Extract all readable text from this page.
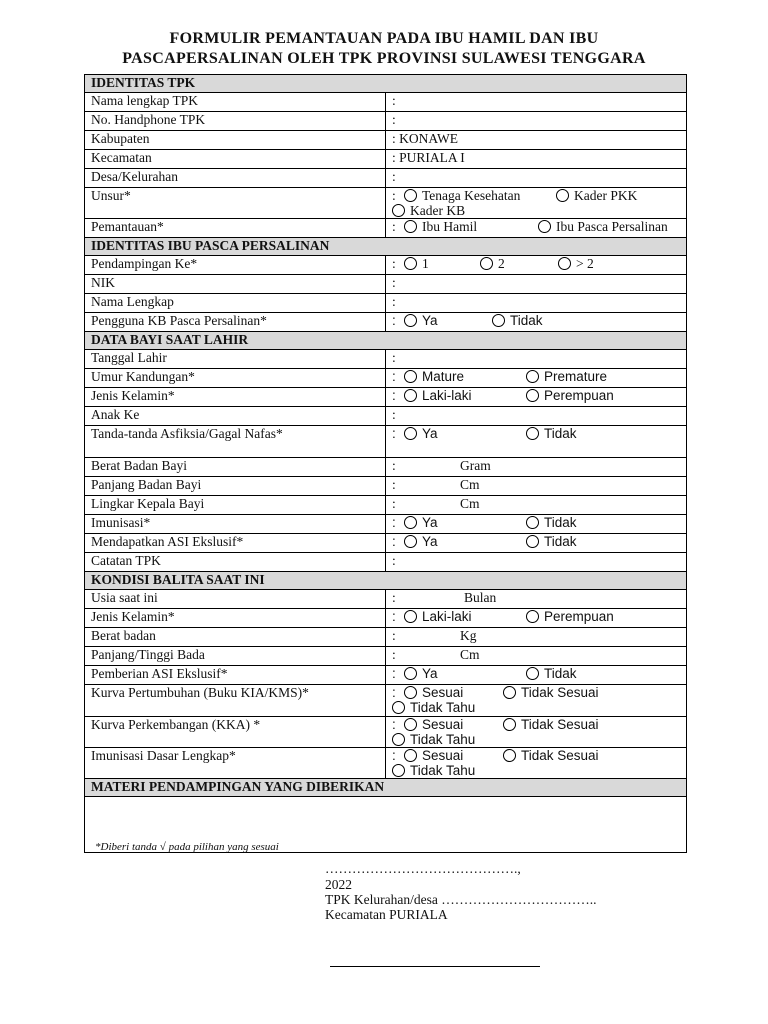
FORMULIR PEMANTAUAN PADA IBU HAMIL DAN IBU
PASCAPERSALINAN OLEH TPK PROVINSI SULAWESI TENGGARA
IDENTITAS TPK	
Nama lengkap TPK	:
No. Handphone TPK	:
Kabupaten	: KONAWE
Kecamatan	: PURIALA I
Desa/Kelurahan	:
Unsur*	: Tenaga Kesehatan Kader PKKKader KB
Pemantauan*	: Ibu Hamil Ibu Pasca Persalinan
IDENTITAS IBU PASCA PERSALINAN	
Pendampingan Ke*	: 1 2 > 2
NIK	:
Nama Lengkap	:
Pengguna KB Pasca Persalinan*	: Ya Tidak
DATA BAYI SAAT LAHIR	
Tanggal Lahir	:
Umur Kandungan*	: Mature Premature
Jenis Kelamin*	: Laki-laki Perempuan
Anak Ke	:
Tanda-tanda Asfiksia/Gagal Nafas*	: Ya Tidak
Berat Badan Bayi	: Gram
Panjang Badan Bayi	: Cm
Lingkar Kepala Bayi	: Cm
Imunisasi*	: Ya Tidak
Mendapatkan ASI Ekslusif*	: Ya Tidak
Catatan TPK	:
KONDISI BALITA SAAT INI	
Usia saat ini	: Bulan
Jenis Kelamin*	: Laki-laki Perempuan
Berat badan	: Kg
Panjang/Tinggi Bada	: Cm
Pemberian ASI Ekslusif*	: Ya Tidak
Kurva Pertumbuhan (Buku KIA/KMS)*	: Sesuai Tidak SesuaiTidak Tahu
Kurva Perkembangan (KKA) *	: Sesuai Tidak SesuaiTidak Tahu
Imunisasi Dasar Lengkap*	: Sesuai Tidak SesuaiTidak Tahu
MATERI PENDAMPINGAN YANG DIBERIKAN	

*Diberi tanda √ pada pilihan yang sesuai
…………………………………….,
2022
TPK Kelurahan/desa ……………………………..
Kecamatan PURIALA
